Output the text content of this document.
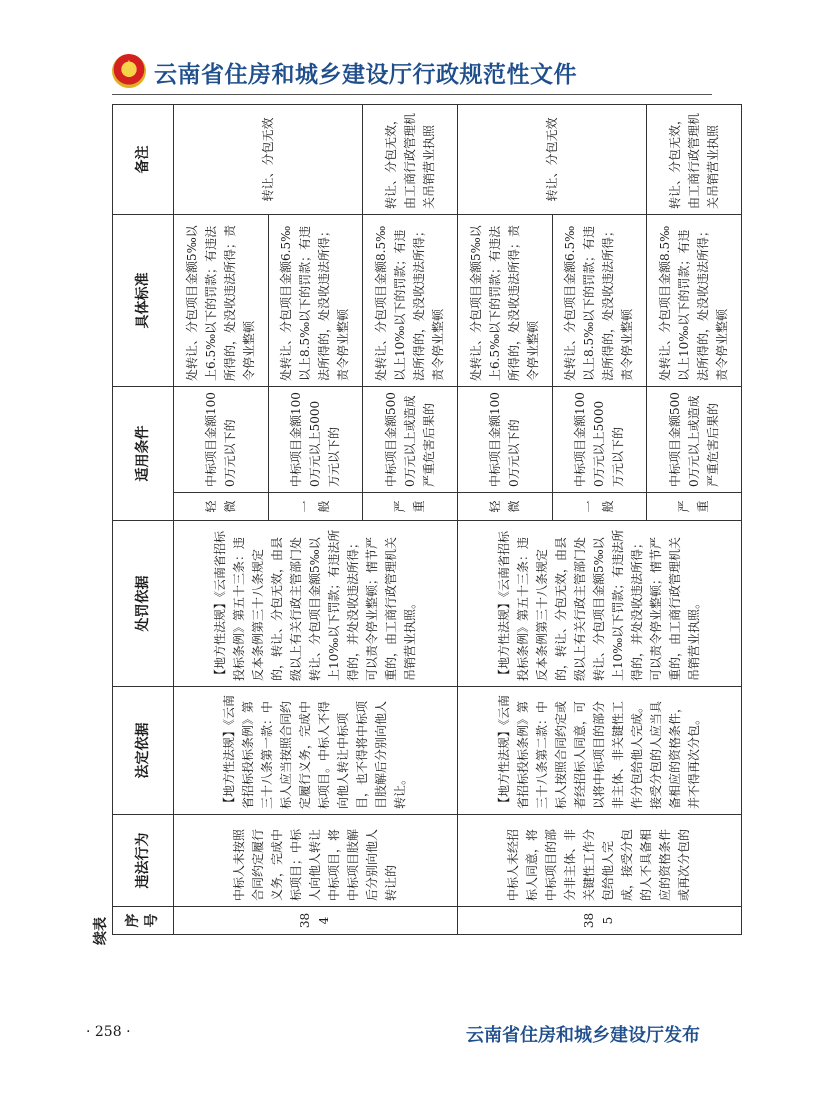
★ 云南省住房和城乡建设厅行政规范性文件
续表 序号	违法行为	法定依据	处罚依据	适用条件		具体标准	备注
384	中标人未按照合同约定履行义务，完成中标项目；中标人向他人转让中标项目，将中标项目肢解后分别向他人转让的	【地方性法规】《云南省招标投标条例》第三十八条第一款：中标人应当按照合同约定履行义务，完成中标项目。中标人不得向他人转让中标项目，也不得将中标项目肢解后分别向他人转让。	【地方性法规】《云南省招标投标条例》第五十三条：违反本条例第三十八条规定的，转让、分包无效，由县级以上有关行政主管部门处转让、分包项目金额5‰以上10‰以下罚款；有违法所得的，并处没收违法所得；可以责令停业整顿；情节严重的，由工商行政管理机关吊销营业执照。	轻微	中标项目金额1000万元以下的	处转让、分包项目金额5‰以上6.5‰以下的罚款；有违法所得的，处没收违法所得；责令停业整顿	转让、分包无效
				一般	中标项目金额1000万元以上5000万元以下的	处转让、分包项目金额6.5‰以上8.5‰以下的罚款；有违法所得的，处没收违法所得；责令停业整顿	
				严重	中标项目金额5000万元以上或造成严重危害后果的	处转让、分包项目金额8.5‰以上10‰以下的罚款；有违法所得的，处没收违法所得；责令停业整顿	转让、分包无效，由工商行政管理机关吊销营业执照
385	中标人未经招标人同意，将中标项目的部分非主体、非关键性工作分包给他人完成，接受分包的人不具备相应的资格条件或再次分包的	【地方性法规】《云南省招标投标条例》第三十八条第二款：中标人按照合同约定或者经招标人同意，可以将中标项目的部分非主体、非关键性工作分包给他人完成。接受分包的人应当具备相应的资格条件，并不得再次分包。	【地方性法规】《云南省招标投标条例》第五十三条：违反本条例第三十八条规定的，转让、分包无效，由县级以上有关行政主管部门处转让、分包项目金额5‰以上10‰以下罚款；有违法所得的，并处没收违法所得；可以责令停业整顿；情节严重的，由工商行政管理机关吊销营业执照。	轻微	中标项目金额1000万元以下的	处转让、分包项目金额5‰以上6.5‰以下的罚款；有违法所得的，处没收违法所得；责令停业整顿	转让、分包无效
				一般	中标项目金额1000万元以上5000万元以下的	处转让、分包项目金额6.5‰以上8.5‰以下的罚款；有违法所得的，处没收违法所得；责令停业整顿	
				严重	中标项目金额5000万元以上或造成严重危害后果的	处转让、分包项目金额8.5‰以上10‰以下的罚款；有违法所得的，处没收违法所得；责令停业整顿	转让、分包无效，由工商行政管理机关吊销营业执照
· 258 ·	云南省住房和城乡建设厅发布
